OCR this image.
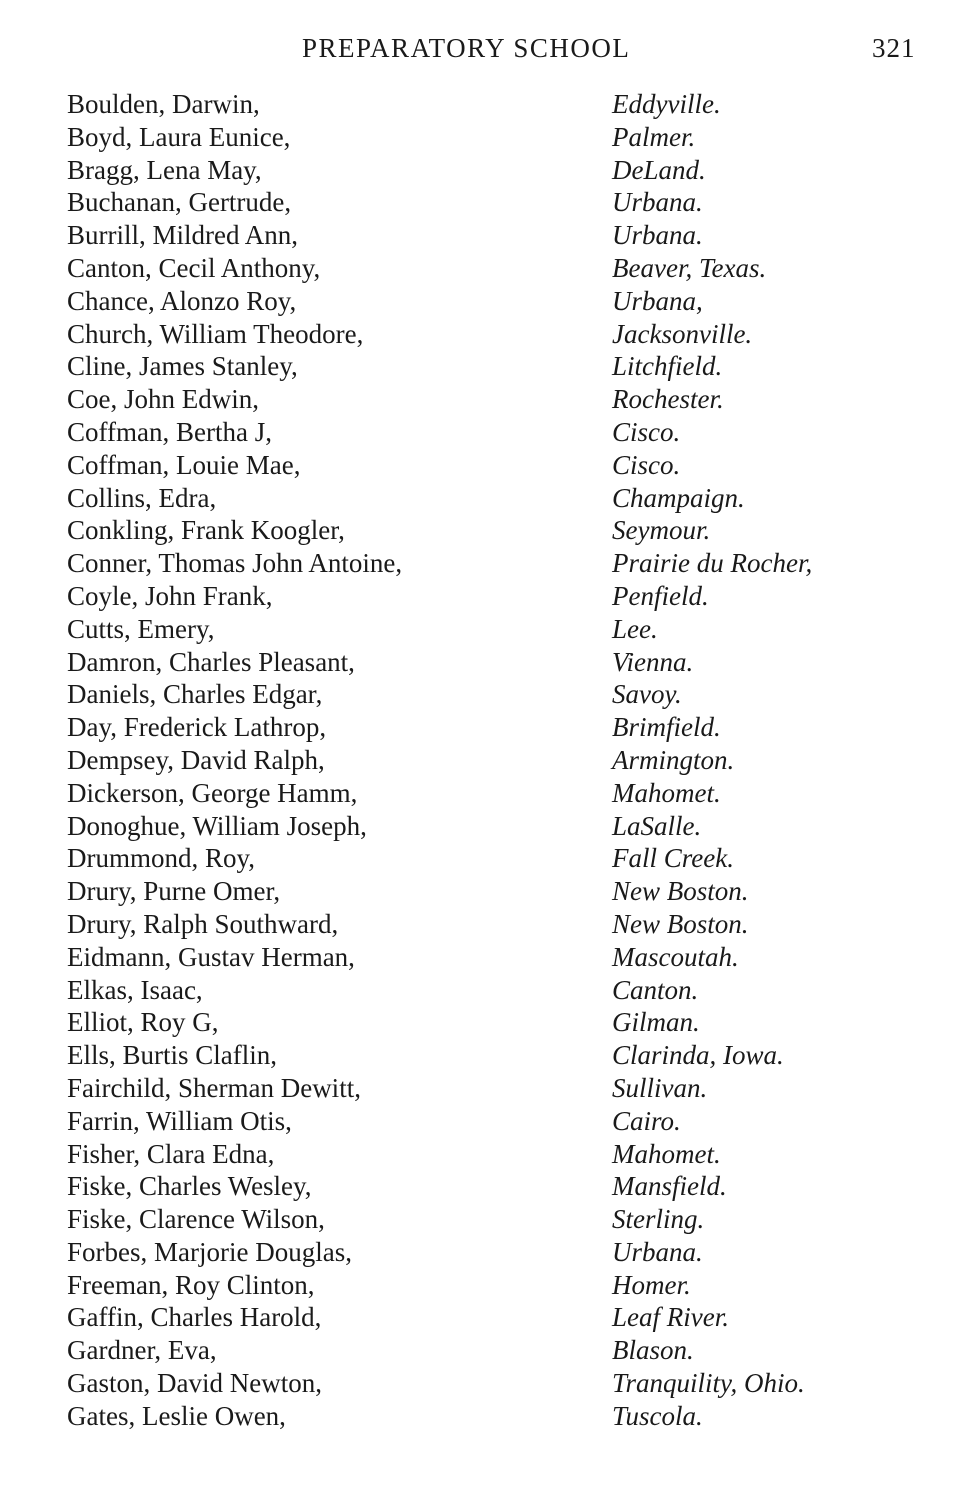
PREPARATORY SCHOOL	321
Boulden, Darwin,	Eddyville.
Boyd, Laura Eunice,	Palmer.
Bragg, Lena May,	DeLand.
Buchanan, Gertrude,	Urbana.
Burrill, Mildred Ann,	Urbana.
Canton, Cecil Anthony,	Beaver, Texas.
Chance, Alonzo Roy,	Urbana,
Church, William Theodore,	Jacksonville.
Cline, James Stanley,	Litchfield.
Coe, John Edwin,	Rochester.
Coffman, Bertha J,	Cisco.
Coffman, Louie Mae,	Cisco.
Collins, Edra,	Champaign.
Conkling, Frank Koogler,	Seymour.
Conner, Thomas John Antoine,	Prairie du Rocher,
Coyle, John Frank,	Penfield.
Cutts, Emery,	Lee.
Damron, Charles Pleasant,	Vienna.
Daniels, Charles Edgar,	Savoy.
Day, Frederick Lathrop,	Brimfield.
Dempsey, David Ralph,	Armington.
Dickerson, George Hamm,	Mahomet.
Donoghue, William Joseph,	LaSalle.
Drummond, Roy,	Fall Creek.
Drury, Purne Omer,	New Boston.
Drury, Ralph Southward,	New Boston.
Eidmann, Gustav Herman,	Mascoutah.
Elkas, Isaac,	Canton.
Elliot, Roy G,	Gilman.
Ells, Burtis Claflin,	Clarinda, Iowa.
Fairchild, Sherman Dewitt,	Sullivan.
Farrin, William Otis,	Cairo.
Fisher, Clara Edna,	Mahomet.
Fiske, Charles Wesley,	Mansfield.
Fiske, Clarence Wilson,	Sterling.
Forbes, Marjorie Douglas,	Urbana.
Freeman, Roy Clinton,	Homer.
Gaffin, Charles Harold,	Leaf River.
Gardner, Eva,	Blason.
Gaston, David Newton,	Tranquility, Ohio.
Gates, Leslie Owen,	Tuscola.
